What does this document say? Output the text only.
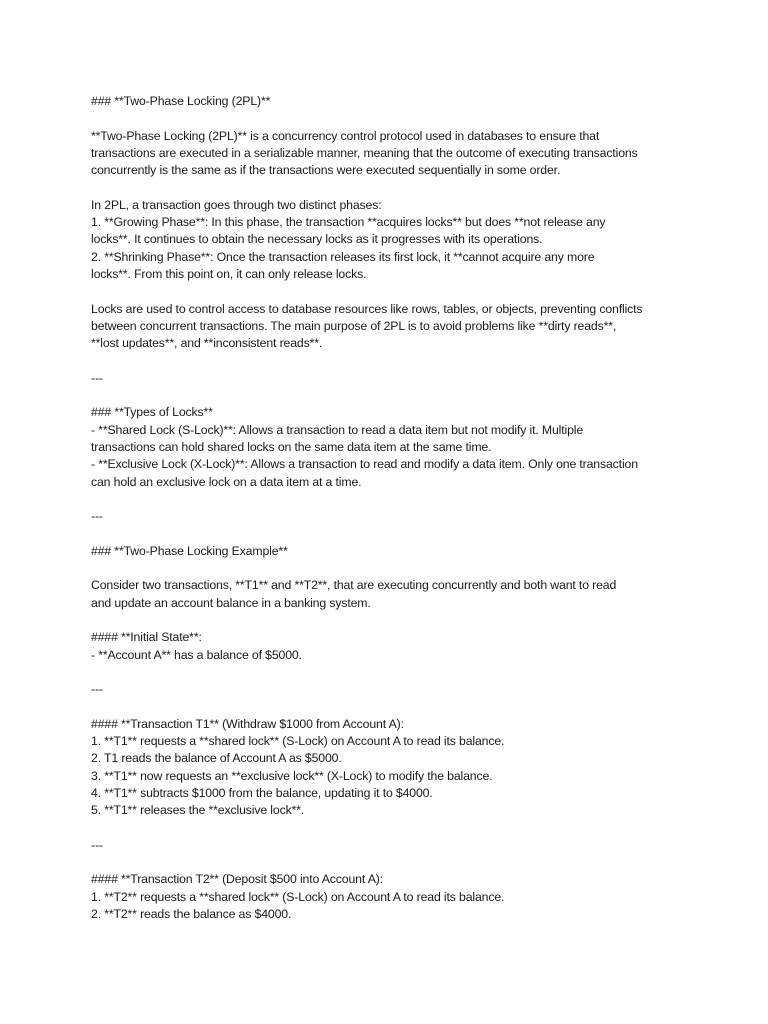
### **Two-Phase Locking (2PL)**
**Two-Phase Locking (2PL)** is a concurrency control protocol used in databases to ensure that
transactions are executed in a serializable manner, meaning that the outcome of executing transactions
concurrently is the same as if the transactions were executed sequentially in some order.
In 2PL, a transaction goes through two distinct phases:
1. **Growing Phase**: In this phase, the transaction **acquires locks** but does **not release any
locks**. It continues to obtain the necessary locks as it progresses with its operations.
2. **Shrinking Phase**: Once the transaction releases its first lock, it **cannot acquire any more
locks**. From this point on, it can only release locks.
Locks are used to control access to database resources like rows, tables, or objects, preventing conflicts
between concurrent transactions. The main purpose of 2PL is to avoid problems like **dirty reads**,
**lost updates**, and **inconsistent reads**.
---
### **Types of Locks**
- **Shared Lock (S-Lock)**: Allows a transaction to read a data item but not modify it. Multiple
transactions can hold shared locks on the same data item at the same time.
- **Exclusive Lock (X-Lock)**: Allows a transaction to read and modify a data item. Only one transaction
can hold an exclusive lock on a data item at a time.
---
### **Two-Phase Locking Example**
Consider two transactions, **T1** and **T2**, that are executing concurrently and both want to read
and update an account balance in a banking system.
#### **Initial State**:
- **Account A** has a balance of $5000.
---
#### **Transaction T1** (Withdraw $1000 from Account A):
1. **T1** requests a **shared lock** (S-Lock) on Account A to read its balance.
2. T1 reads the balance of Account A as $5000.
3. **T1** now requests an **exclusive lock** (X-Lock) to modify the balance.
4. **T1** subtracts $1000 from the balance, updating it to $4000.
5. **T1** releases the **exclusive lock**.
---
#### **Transaction T2** (Deposit $500 into Account A):
1. **T2** requests a **shared lock** (S-Lock) on Account A to read its balance.
2. **T2** reads the balance as $4000.
